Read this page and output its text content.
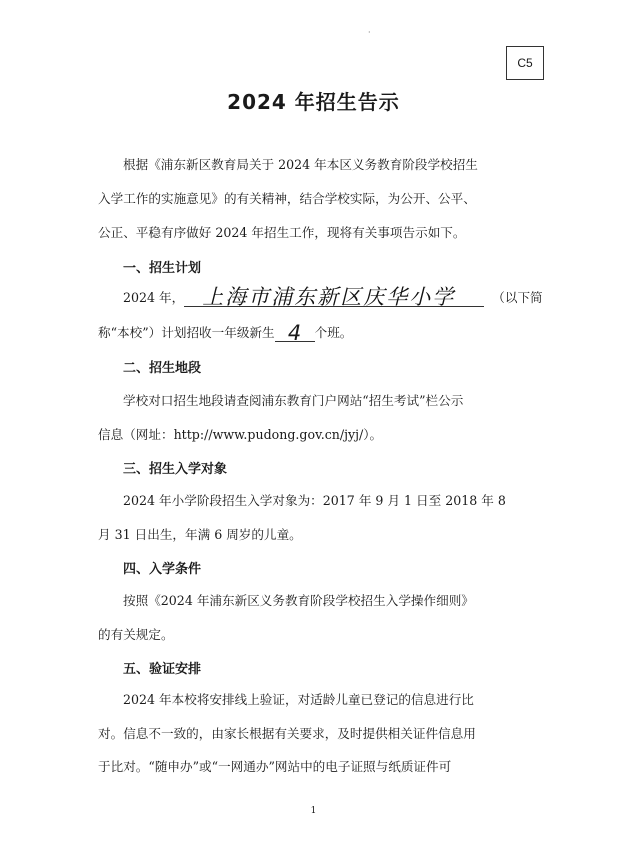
·
C5
2024 年招生告示
根据《浦东新区教育局关于 2024 年本区义务教育阶段学校招生
入学工作的实施意见》的有关精神，结合学校实际，为公开、公平、
公正、平稳有序做好 2024 年招生工作，现将有关事项告示如下。
一、招生计划
2024 年， 上海市浦东新区庆华小学	（以下简
称“本校”）计划招收一年级新生 4	个班。
二、招生地段
学校对口招生地段请查阅浦东教育门户网站“招生考试”栏公示
信息（网址：http://www.pudong.gov.cn/jyj/）。
三、招生入学对象
2024 年小学阶段招生入学对象为：2017 年 9 月 1 日至 2018 年 8
月 31 日出生，年满 6 周岁的儿童。
四、入学条件
按照《2024 年浦东新区义务教育阶段学校招生入学操作细则》
的有关规定。
五、验证安排
2024 年本校将安排线上验证，对适龄儿童已登记的信息进行比
对。信息不一致的，由家长根据有关要求，及时提供相关证件信息用
于比对。“随申办”或“一网通办”网站中的电子证照与纸质证件可
1
